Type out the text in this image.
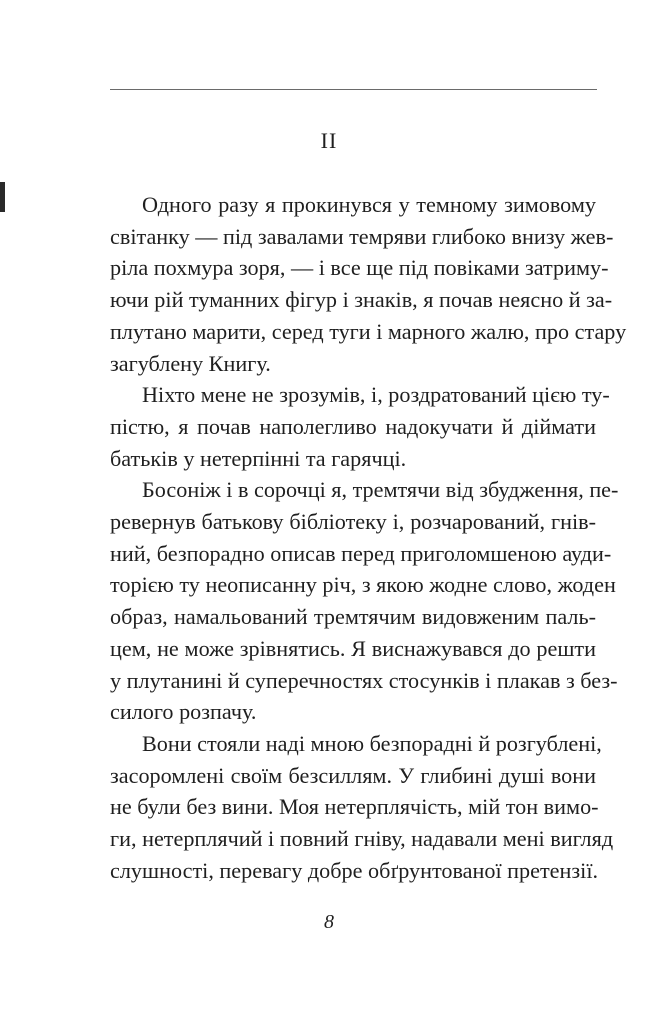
II

Одного разу я прокинувся у темному зимовому
світанку — під завалами темряви глибоко внизу жев-
ріла похмура зоря, — і все ще під повіками затриму-
ючи рій туманних фігур і знаків, я почав неясно й за-
плутано марити, серед туги і марного жалю, про стару
загублену Книгу.

Ніхто мене не зрозумів, і, роздратований цією ту-
пістю, я почав наполегливо надокучати й діймати
батьків у нетерпінні та гарячці.

Босоніж і в сорочці я, тремтячи від збудження, пе-
ревернув батькову бібліотеку і, розчарований, гнів-
ний, безпорадно описав перед приголомшеною ауди-
торією ту неописанну річ, з якою жодне слово, жоден
образ, намальований тремтячим видовженим паль-
цем, не може зрівнятись. Я виснажувався до решти
у плутанині й суперечностях стосунків і плакав з без-
силого розпачу.

Вони стояли наді мною безпорадні й розгублені,
засоромлені своїм безсиллям. У глибині душі вони
не були без вини. Моя нетерплячість, мій тон вимо-
ги, нетерплячий і повний гніву, надавали мені вигляд
слушності, перевагу добре обґрунтованої претензії.

8
